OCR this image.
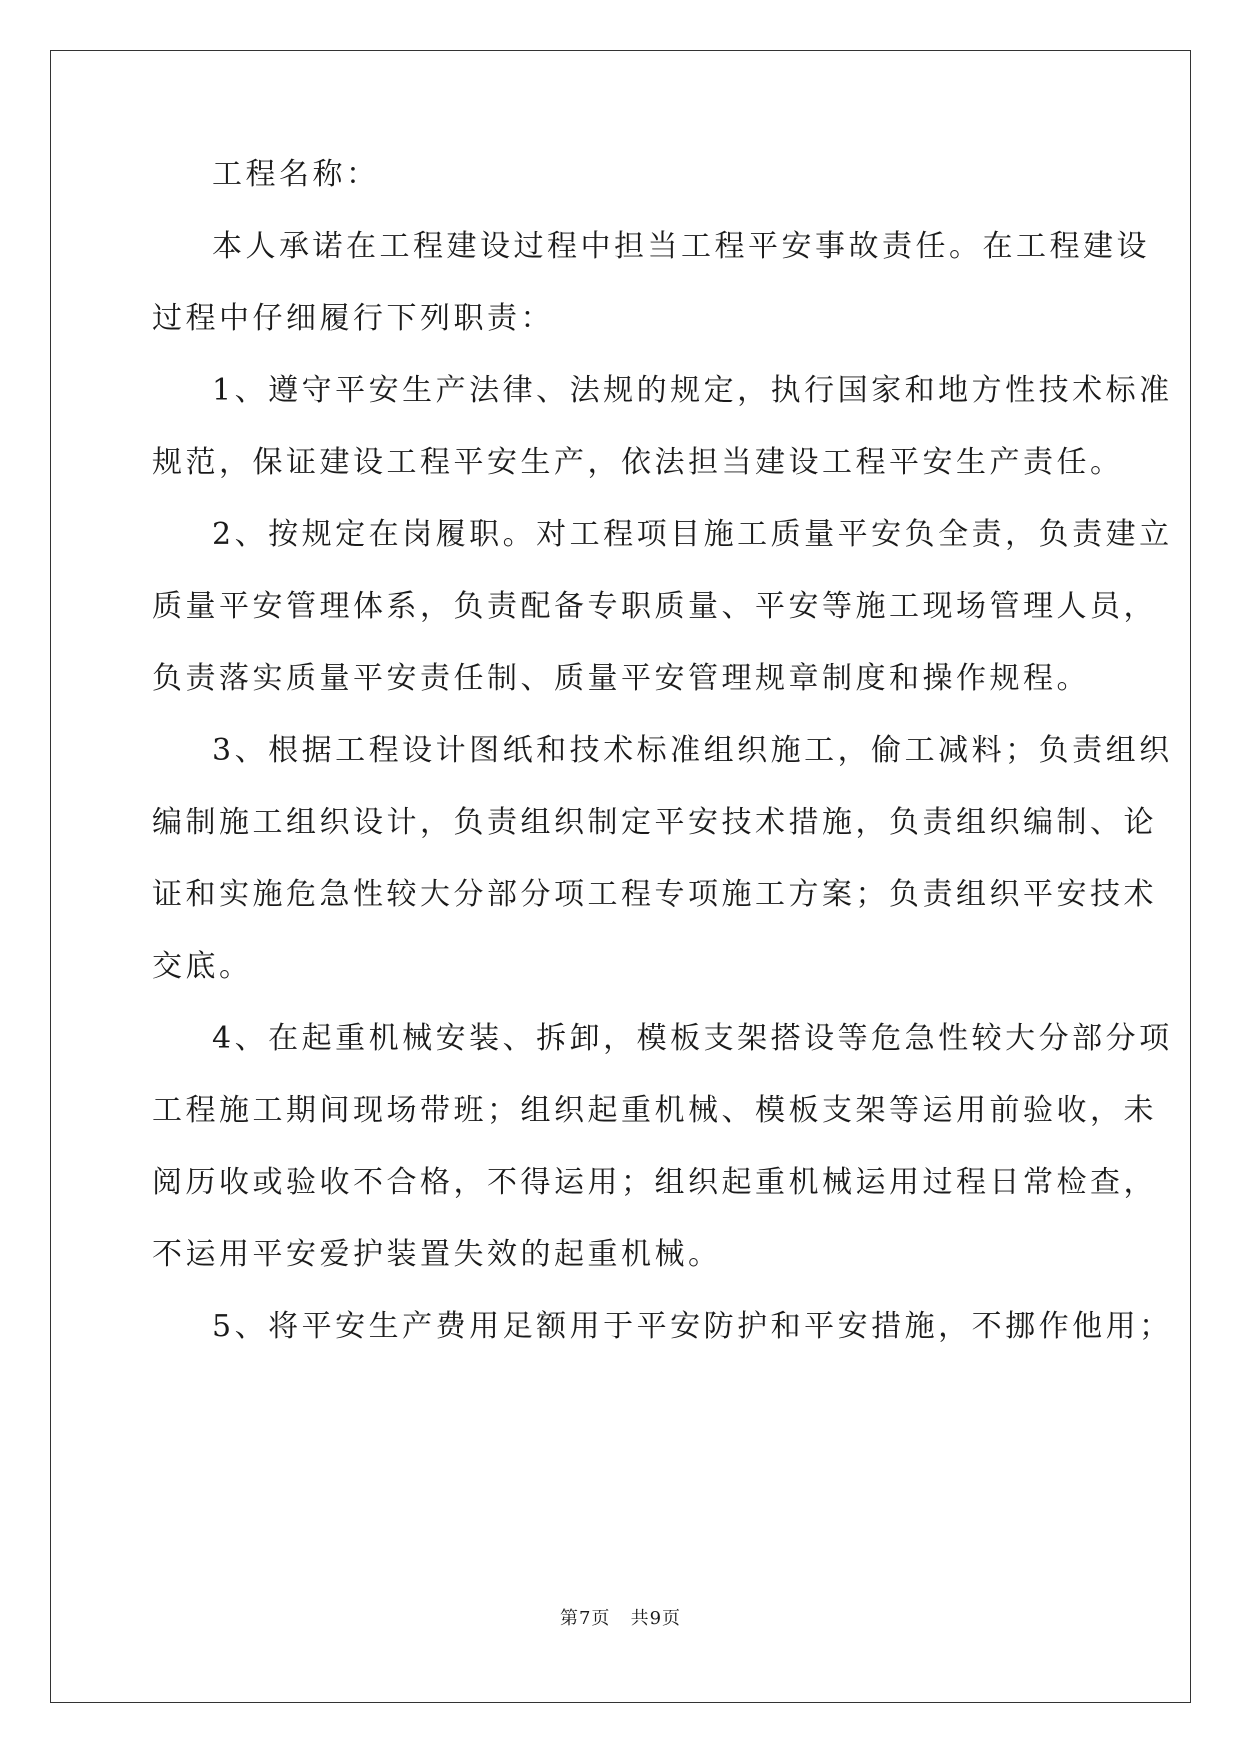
工程名称：
本人承诺在工程建设过程中担当工程平安事故责任。在工程建设
过程中仔细履行下列职责：
1、遵守平安生产法律、法规的规定，执行国家和地方性技术标准
规范，保证建设工程平安生产，依法担当建设工程平安生产责任。
2、按规定在岗履职。对工程项目施工质量平安负全责，负责建立
质量平安管理体系，负责配备专职质量、平安等施工现场管理人员，
负责落实质量平安责任制、质量平安管理规章制度和操作规程。
3、根据工程设计图纸和技术标准组织施工，偷工减料；负责组织
编制施工组织设计，负责组织制定平安技术措施，负责组织编制、论
证和实施危急性较大分部分项工程专项施工方案；负责组织平安技术
交底。
4、在起重机械安装、拆卸，模板支架搭设等危急性较大分部分项
工程施工期间现场带班；组织起重机械、模板支架等运用前验收，未
阅历收或验收不合格，不得运用；组织起重机械运用过程日常检查，
不运用平安爱护装置失效的起重机械。
5、将平安生产费用足额用于平安防护和平安措施，不挪作他用；
第7页   共9页
